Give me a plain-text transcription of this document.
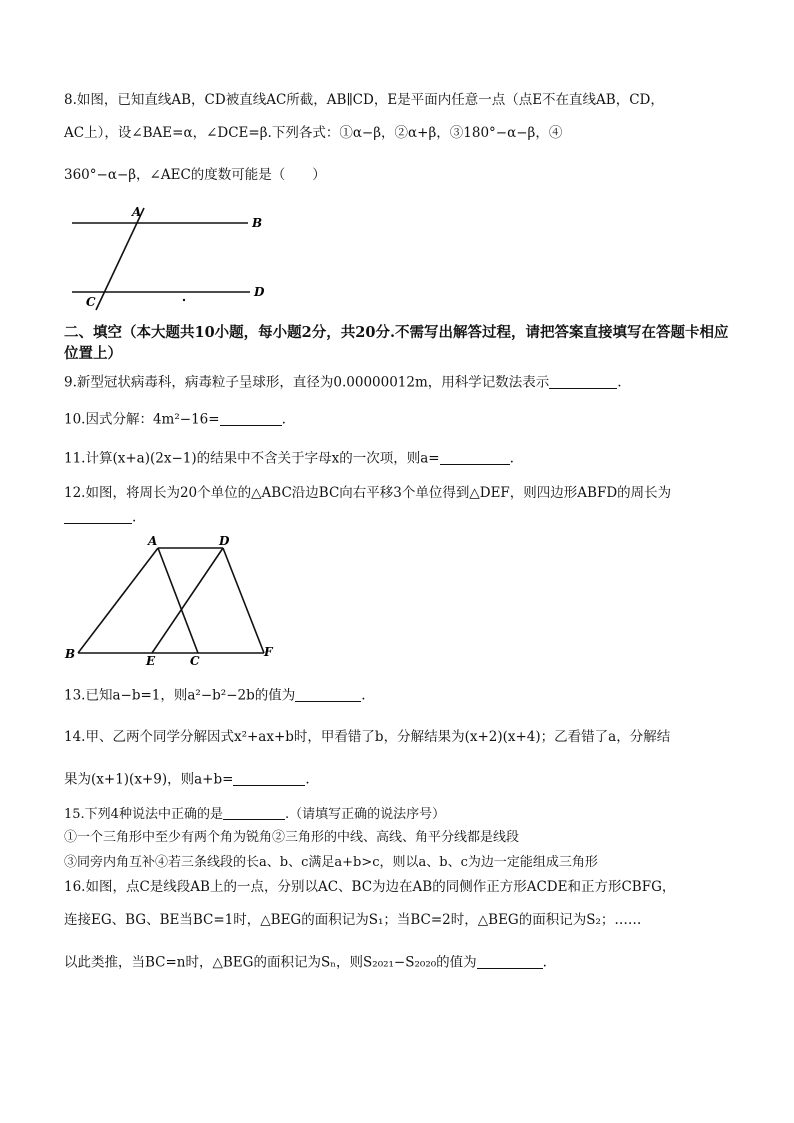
8.如图，已知直线AB，CD被直线AC所截，AB∥CD，E是平面内任意一点（点E不在直线AB，CD，
AC上），设∠BAE=α，∠DCE=β.下列各式：①α−β，②α+β，③180°−α−β，④
360°−α−β，∠AEC的度数可能是（　　）
A
B
C
D
二、填空（本大题共10小题，每小题2分，共20分.不需写出解答过程，请把答案直接填写在答题卡相应位置上）
9.新型冠状病毒科，病毒粒子呈球形，直径为0.00000012m，用科学记数法表示	.
10.因式分解：4m²−16=	.
11.计算(x+a)(2x−1)的结果中不含关于字母x的一次项，则a=	.
12.如图，将周长为20个单位的△ABC沿边BC向右平移3个单位得到△DEF，则四边形ABFD的周长为
.
A	D
B	E	C
F
13.已知a−b=1，则a²−b²−2b的值为	.
14.甲、乙两个同学分解因式x²+ax+b时，甲看错了b，分解结果为(x+2)(x+4)；乙看错了a，分解结
果为(x+1)(x+9)，则a+b=	.
15.下列4种说法中正确的是	.（请填写正确的说法序号）
①一个三角形中至少有两个角为锐角②三角形的中线、高线、角平分线都是线段
③同旁内角互补④若三条线段的长a、b、c满足a+b>c，则以a、b、c为边一定能组成三角形
16.如图，点C是线段AB上的一点，分别以AC、BC为边在AB的同侧作正方形ACDE和正方形CBFG，
连接EG、BG、BE当BC=1时，△BEG的面积记为S₁；当BC=2时，△BEG的面积记为S₂；……
以此类推，当BC=n时，△BEG的面积记为Sₙ，则S₂₀₂₁−S₂₀₂₀的值为	.
